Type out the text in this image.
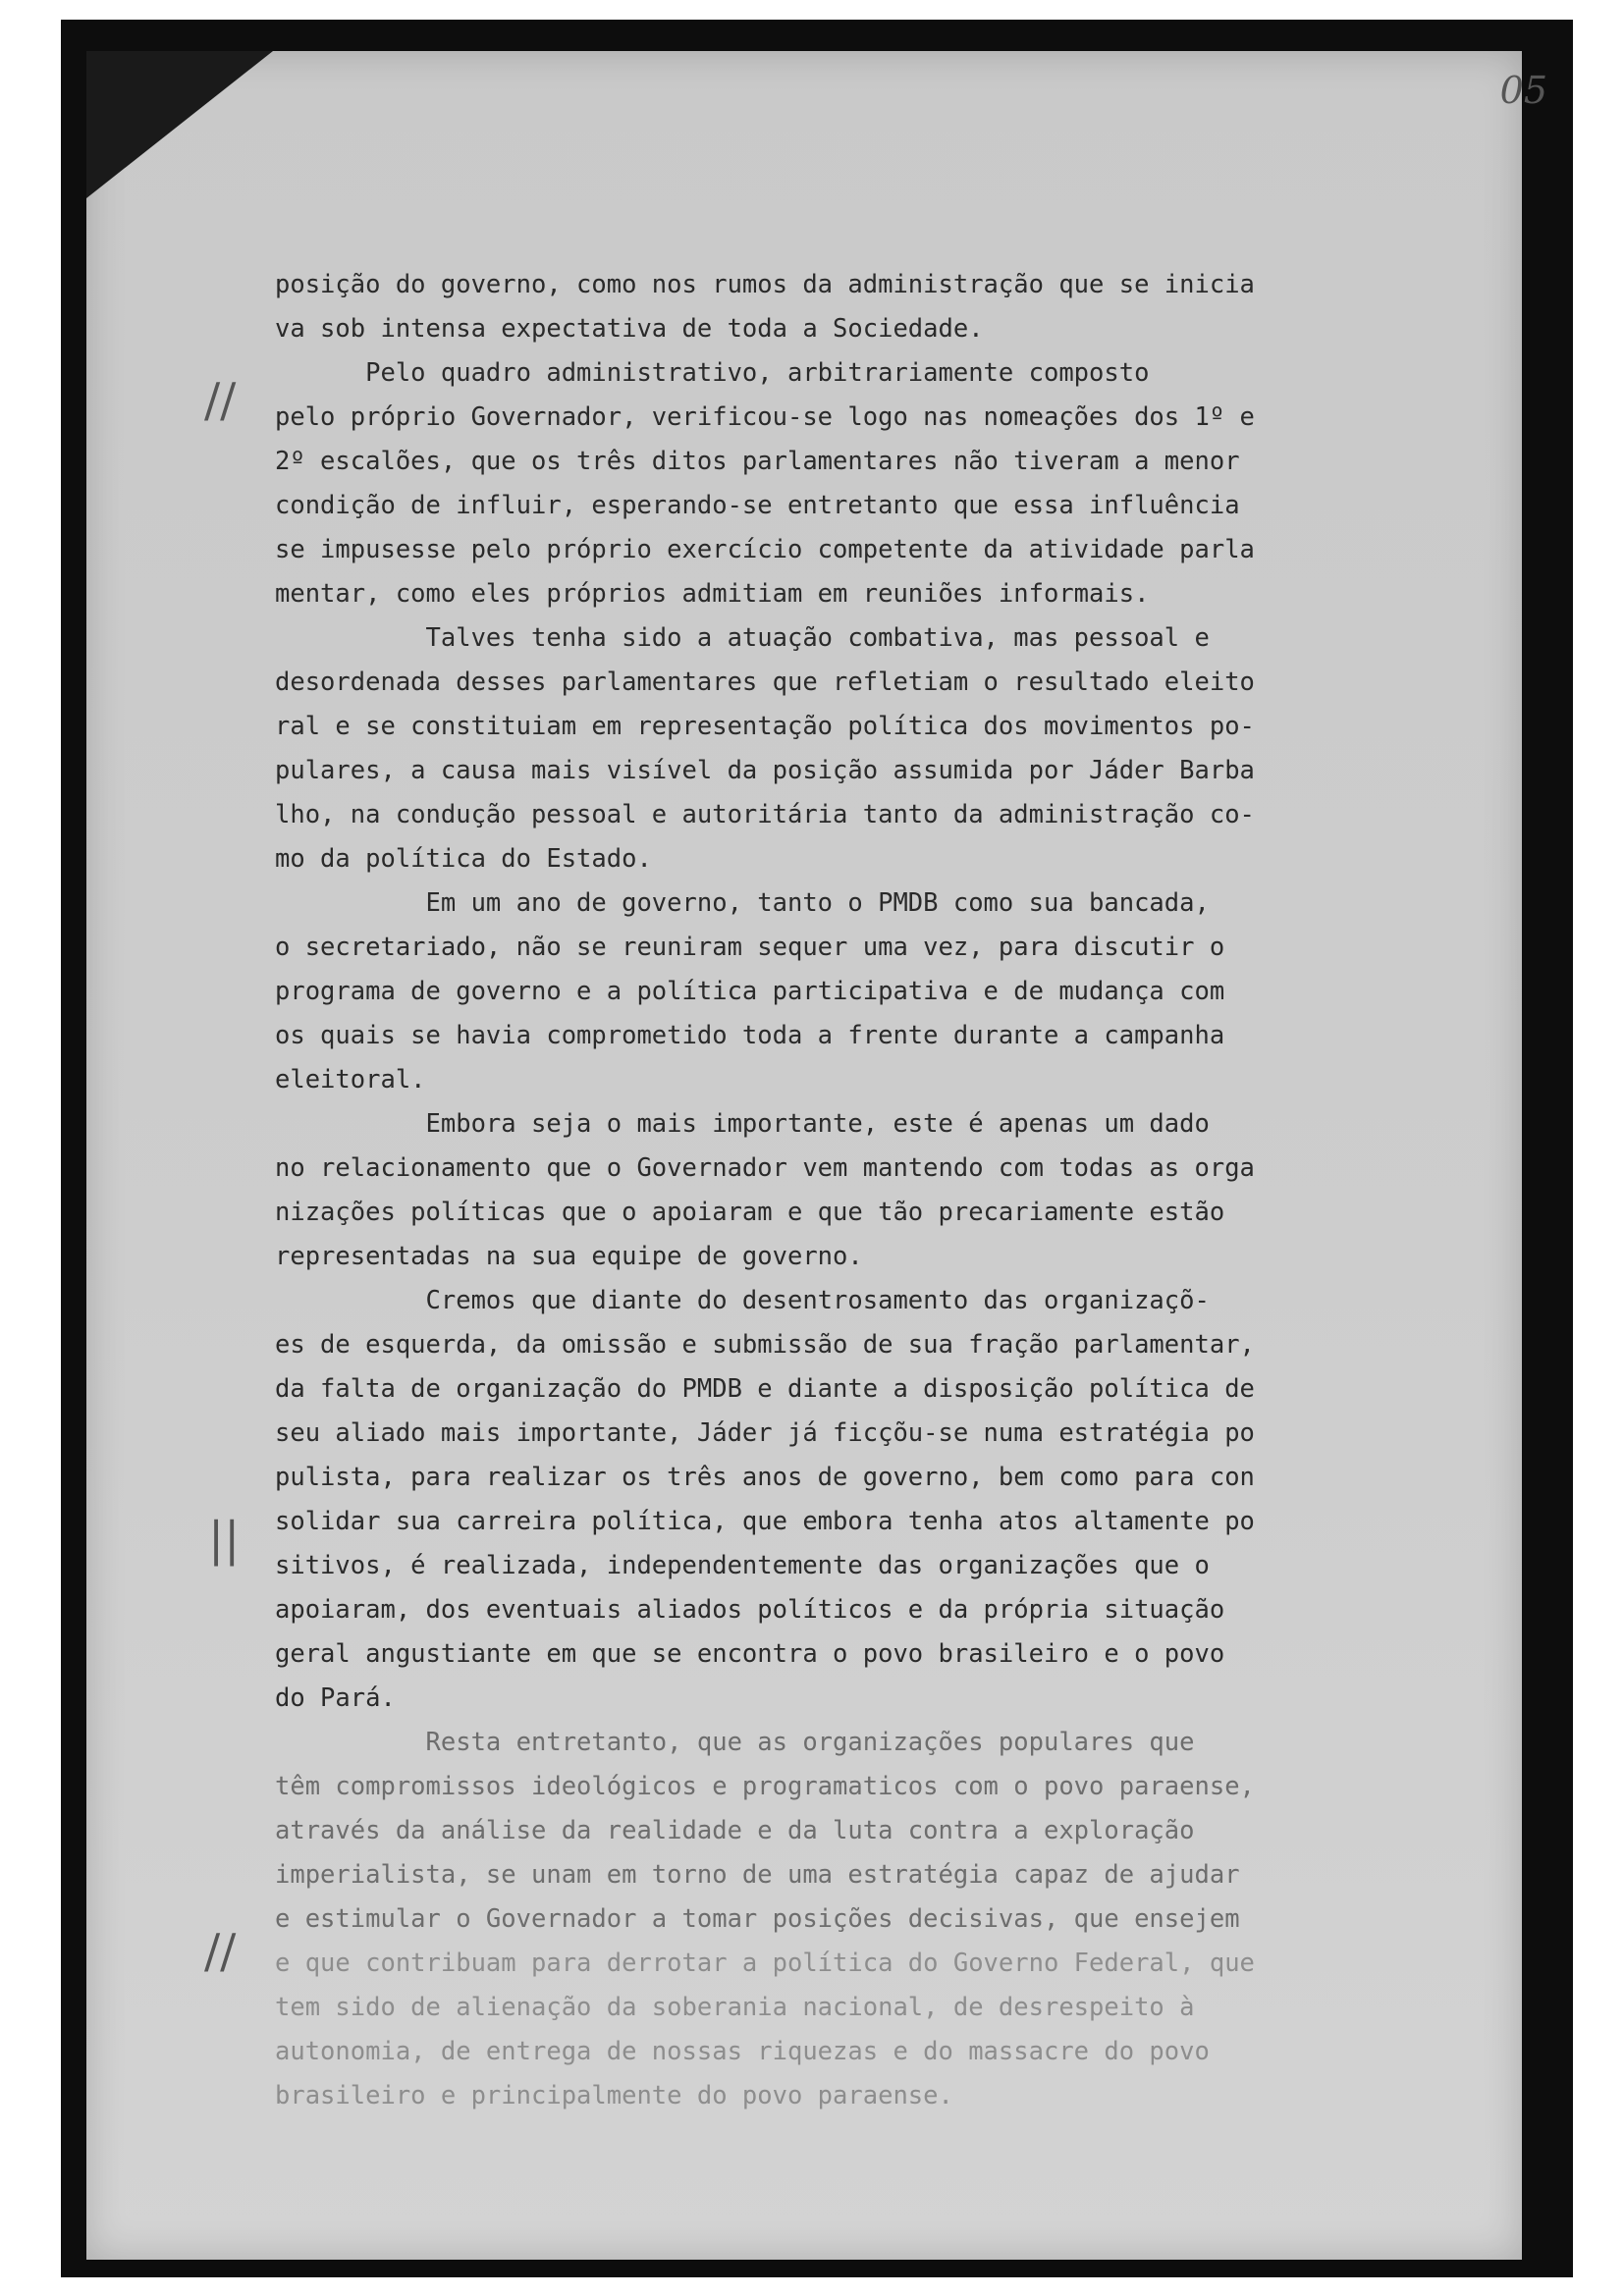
05
//
||
//
posição do governo, como nos rumos da administração que se inicia
va sob intensa expectativa de toda a Sociedade.
Pelo quadro administrativo, arbitrariamente composto
pelo próprio Governador, verificou-se logo nas nomeações dos 1º e
2º escalões, que os três ditos parlamentares não tiveram a menor
condição de influir, esperando-se entretanto que essa influência
se impusesse pelo próprio exercício competente da atividade parla
mentar, como eles próprios admitiam em reuniões informais.
Talves tenha sido a atuação combativa, mas pessoal e
desordenada desses parlamentares que refletiam o resultado eleito
ral e se constituiam em representação política dos movimentos po-
pulares, a causa mais visível da posição assumida por Jáder Barba
lho, na condução pessoal e autoritária tanto da administração co-
mo da política do Estado.
Em um ano de governo, tanto o PMDB como sua bancada,
o secretariado, não se reuniram sequer uma vez, para discutir o
programa de governo e a política participativa e de mudança com
os quais se havia comprometido toda a frente durante a campanha
eleitoral.
Embora seja o mais importante, este é apenas um dado
no relacionamento que o Governador vem mantendo com todas as orga
nizações políticas que o apoiaram e que tão precariamente estão
representadas na sua equipe de governo.
Cremos que diante do desentrosamento das organizaçõ-
es de esquerda, da omissão e submissão de sua fração parlamentar,
da falta de organização do PMDB e diante a disposição política de
seu aliado mais importante, Jáder já ficçõu-se numa estratégia po
pulista, para realizar os três anos de governo, bem como para con
solidar sua carreira política, que embora tenha atos altamente po
sitivos, é realizada, independentemente das organizações que o
apoiaram, dos eventuais aliados políticos e da própria situação
geral angustiante em que se encontra o povo brasileiro e o povo
do Pará.
Resta entretanto, que as organizações populares que
têm compromissos ideológicos e programaticos com o povo paraense,
através da análise da realidade e da luta contra a exploração
imperialista, se unam em torno de uma estratégia capaz de ajudar
e estimular o Governador a tomar posições decisivas, que ensejem
e que contribuam para derrotar a política do Governo Federal, que
tem sido de alienação da soberania nacional, de desrespeito à
autonomia, de entrega de nossas riquezas e do massacre do povo
brasileiro e principalmente do povo paraense.
